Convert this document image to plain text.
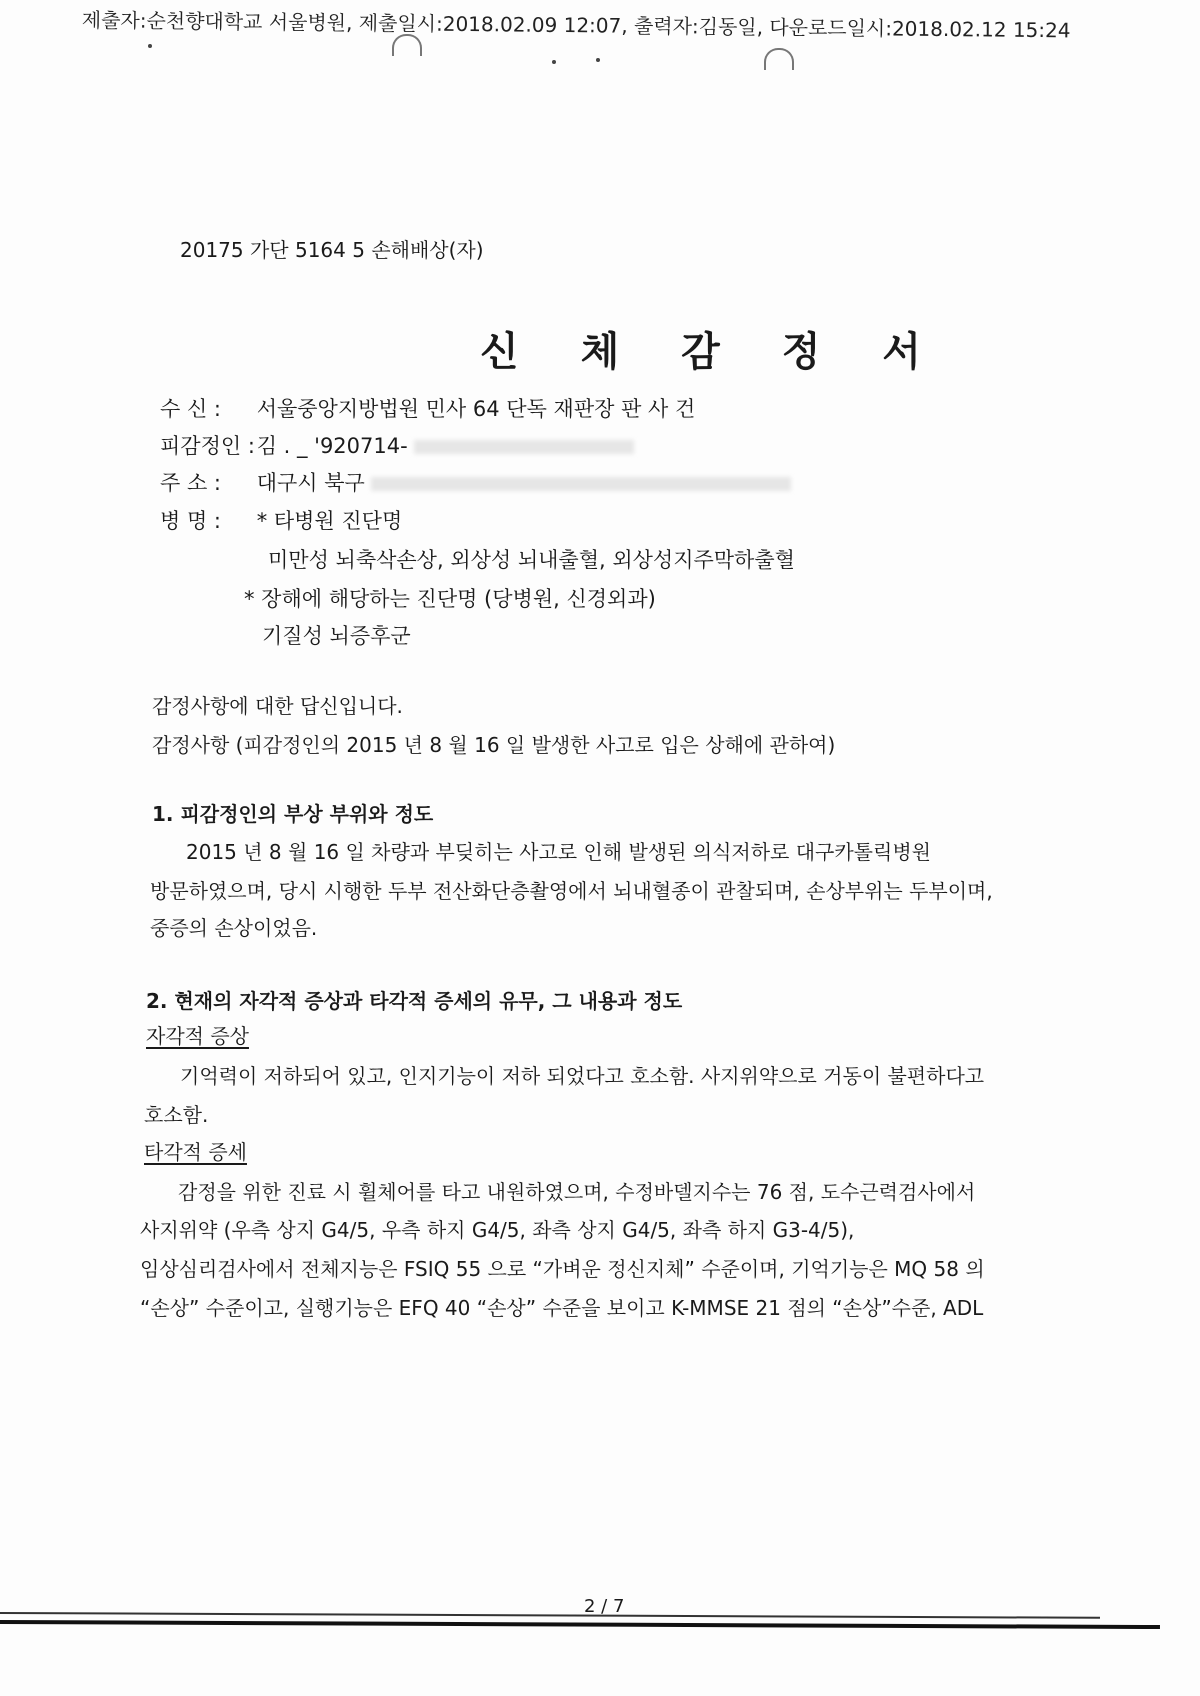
제출자:순천향대학교 서울병원, 제출일시:2018.02.09 12:07, 출력자:김동일, 다운로드일시:2018.02.12 15:24
20175 가단 5164 5 손해배상(자)
신 체 감 정 서
수 신 : 서울중앙지방법원 민사 64 단독 재판장 판 사 건
피감정인 : 김 . _ '920714-
주 소 : 대구시 북구
병 명 : * 타병원 진단명
미만성 뇌축삭손상, 외상성 뇌내출혈, 외상성지주막하출혈
* 장해에 해당하는 진단명 (당병원, 신경외과)
기질성 뇌증후군
감정사항에 대한 답신입니다.
감정사항 (피감정인의 2015 년 8 월 16 일 발생한 사고로 입은 상해에 관하여)
1. 피감정인의 부상 부위와 정도
2015 년 8 월 16 일 차량과 부딪히는 사고로 인해 발생된 의식저하로 대구카톨릭병원
방문하였으며, 당시 시행한 두부 전산화단층촬영에서 뇌내혈종이 관찰되며, 손상부위는 두부이며,
중증의 손상이었음.
2. 현재의 자각적 증상과 타각적 증세의 유무, 그 내용과 정도
자각적 증상
기억력이 저하되어 있고, 인지기능이 저하 되었다고 호소함. 사지위약으로 거동이 불편하다고
호소함.
타각적 증세
감정을 위한 진료 시 휠체어를 타고 내원하였으며, 수정바델지수는 76 점, 도수근력검사에서
사지위약 (우측 상지 G4/5, 우측 하지 G4/5, 좌측 상지 G4/5, 좌측 하지 G3-4/5),
임상심리검사에서 전체지능은 FSIQ 55 으로 “가벼운 정신지체” 수준이며, 기억기능은 MQ 58 의
“손상” 수준이고, 실행기능은 EFQ 40 “손상” 수준을 보이고 K-MMSE 21 점의 “손상”수준, ADL
2 / 7
